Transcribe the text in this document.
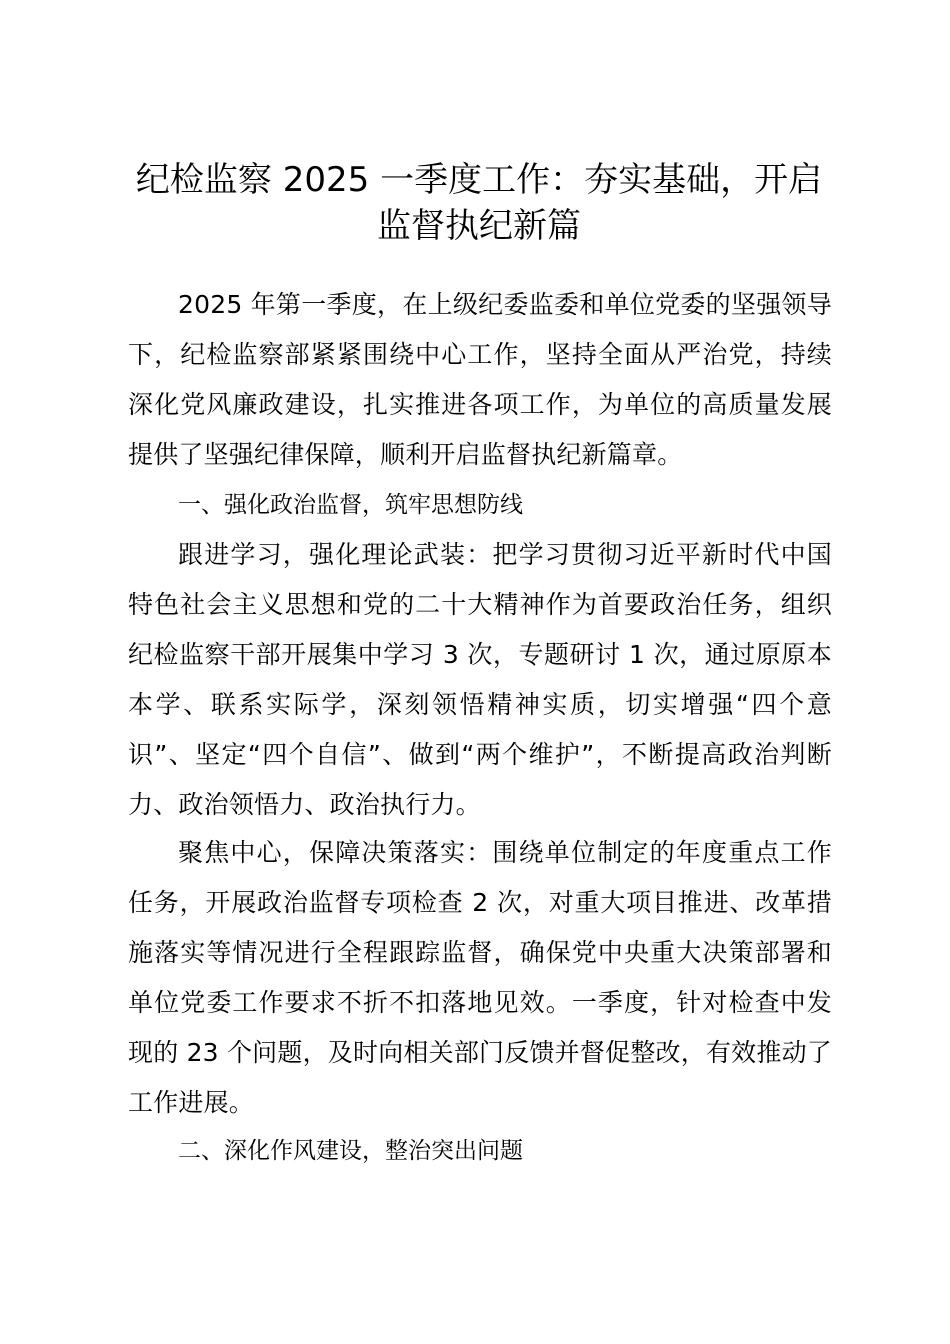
纪检监察 2025 一季度工作：夯实基础，开启监督执纪新篇

2025 年第一季度，在上级纪委监委和单位党委的坚强领导下，纪检监察部紧紧围绕中心工作，坚持全面从严治党，持续深化党风廉政建设，扎实推进各项工作，为单位的高质量发展提供了坚强纪律保障，顺利开启监督执纪新篇章。

一、强化政治监督，筑牢思想防线

跟进学习，强化理论武装：把学习贯彻习近平新时代中国特色社会主义思想和党的二十大精神作为首要政治任务，组织纪检监察干部开展集中学习 3 次，专题研讨 1 次，通过原原本本学、联系实际学，深刻领悟精神实质，切实增强“四个意识”、坚定“四个自信”、做到“两个维护”，不断提高政治判断力、政治领悟力、政治执行力。

聚焦中心，保障决策落实：围绕单位制定的年度重点工作任务，开展政治监督专项检查 2 次，对重大项目推进、改革措施落实等情况进行全程跟踪监督，确保党中央重大决策部署和单位党委工作要求不折不扣落地见效。一季度，针对检查中发现的 23 个问题，及时向相关部门反馈并督促整改，有效推动了工作进展。

二、深化作风建设，整治突出问题
